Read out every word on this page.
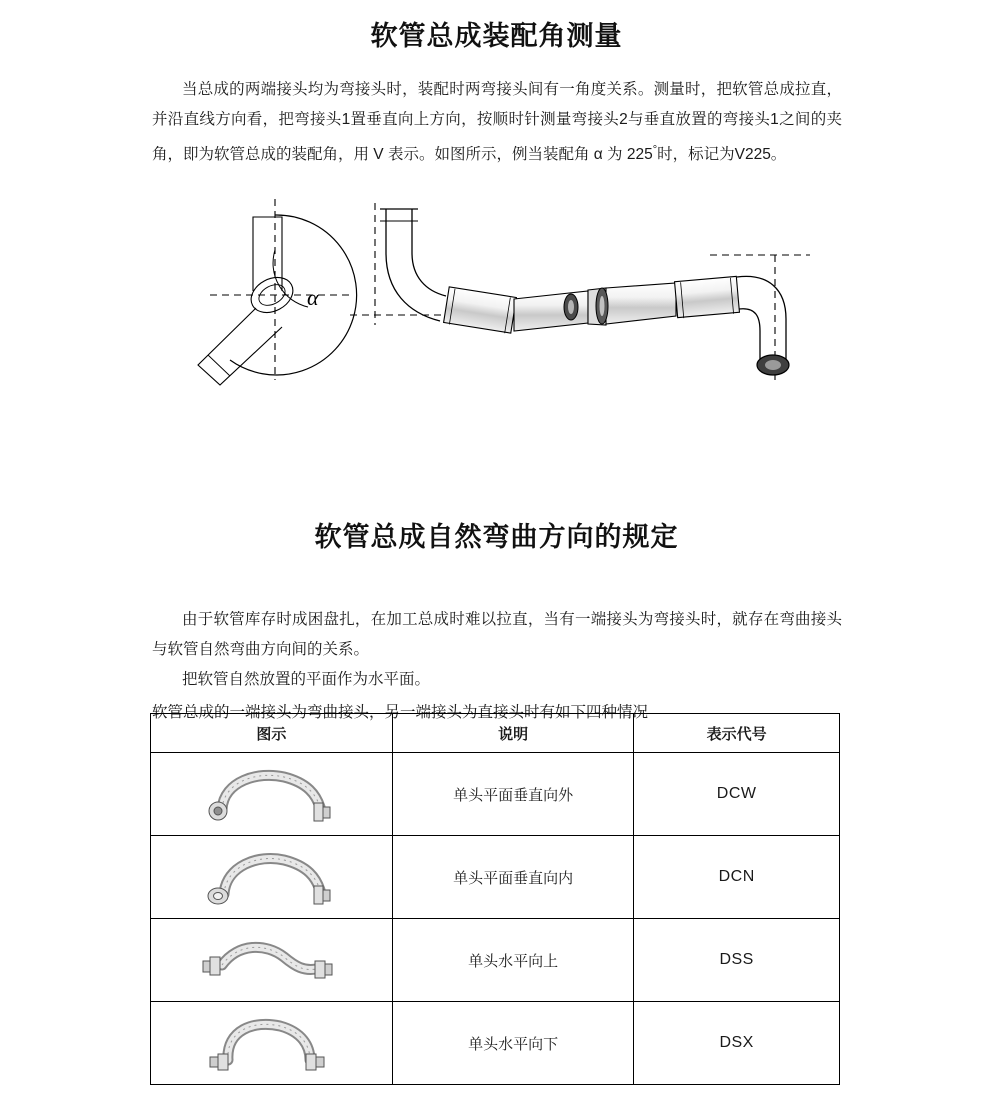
软管总成装配角测量
当总成的两端接头均为弯接头时，装配时两弯接头间有一角度关系。测量时，把软管总成拉直，并沿直线方向看，把弯接头1置垂直向上方向，按顺时针测量弯接头2与垂直放置的弯接头1之间的夹角，即为软管总成的装配角，用 V 表示。如图所示，例当装配角 α 为 225°时，标记为V225。
α
软管总成自然弯曲方向的规定
由于软管库存时成困盘扎，在加工总成时难以拉直，当有一端接头为弯接头时，就存在弯曲接头与软管自然弯曲方向间的关系。
把软管自然放置的平面作为水平面。
软管总成的一端接头为弯曲接头，另一端接头为直接头时有如下四种情况
图示	说明	表示代号

	单头平面垂直向外	DCW

	单头平面垂直向内	DCN

	单头水平向上	DSS

	单头水平向下	DSX
